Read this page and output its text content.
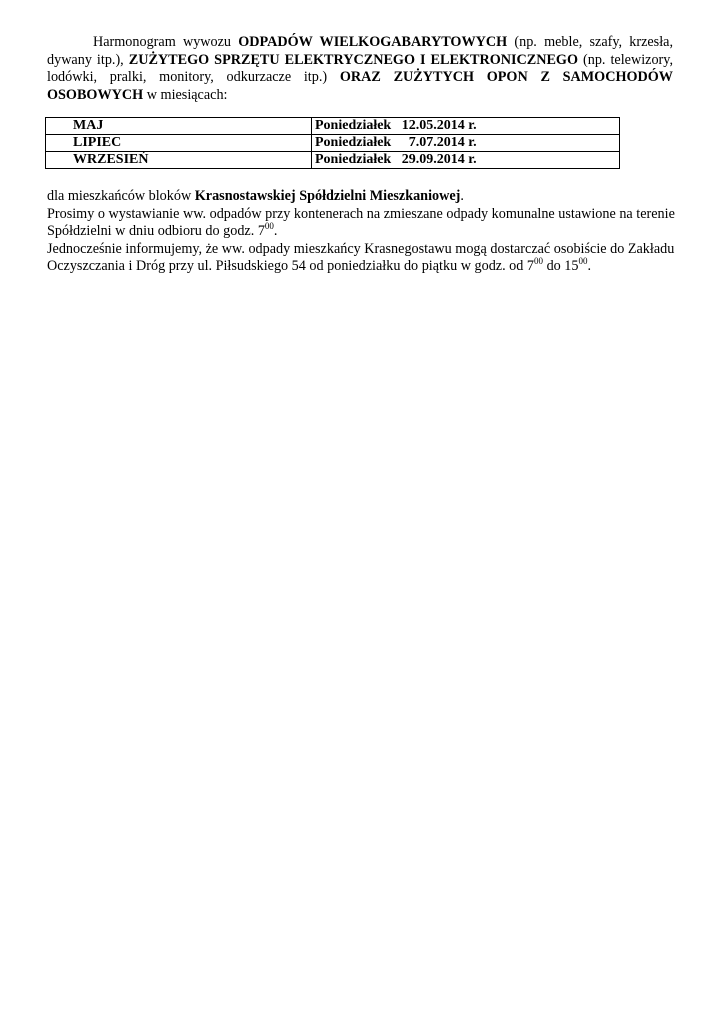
Harmonogram wywozu ODPADÓW WIELKOGABARYTOWYCH (np. meble, szafy, krzesła, dywany itp.), ZUŻYTEGO SPRZĘTU ELEKTRYCZNEGO I ELEKTRONICZNEGO (np. telewizory, lodówki, pralki, monitory, odkurzacze itp.) ORAZ ZUŻYTYCH OPON Z SAMOCHODÓW OSOBOWYCH w miesiącach:

MAJ	Poniedziałek   12.05.2014 r.
LIPIEC	Poniedziałek     7.07.2014 r.
WRZESIEŃ	Poniedziałek   29.09.2014 r.

dla mieszkańców bloków Krasnostawskiej Spółdzielni Mieszkaniowej.

Prosimy o wystawianie ww. odpadów przy kontenerach na zmieszane odpady komunalne ustawione na terenie Spółdzielni w dniu odbioru do godz. $7^{00}$.

Jednocześnie informujemy, że ww. odpady mieszkańcy Krasnegostawu mogą dostarczać osobiście do Zakładu Oczyszczania i Dróg przy ul. Piłsudskiego 54 od poniedziałku do piątku w godz. od $7^{00}$ do $15^{00}$.
